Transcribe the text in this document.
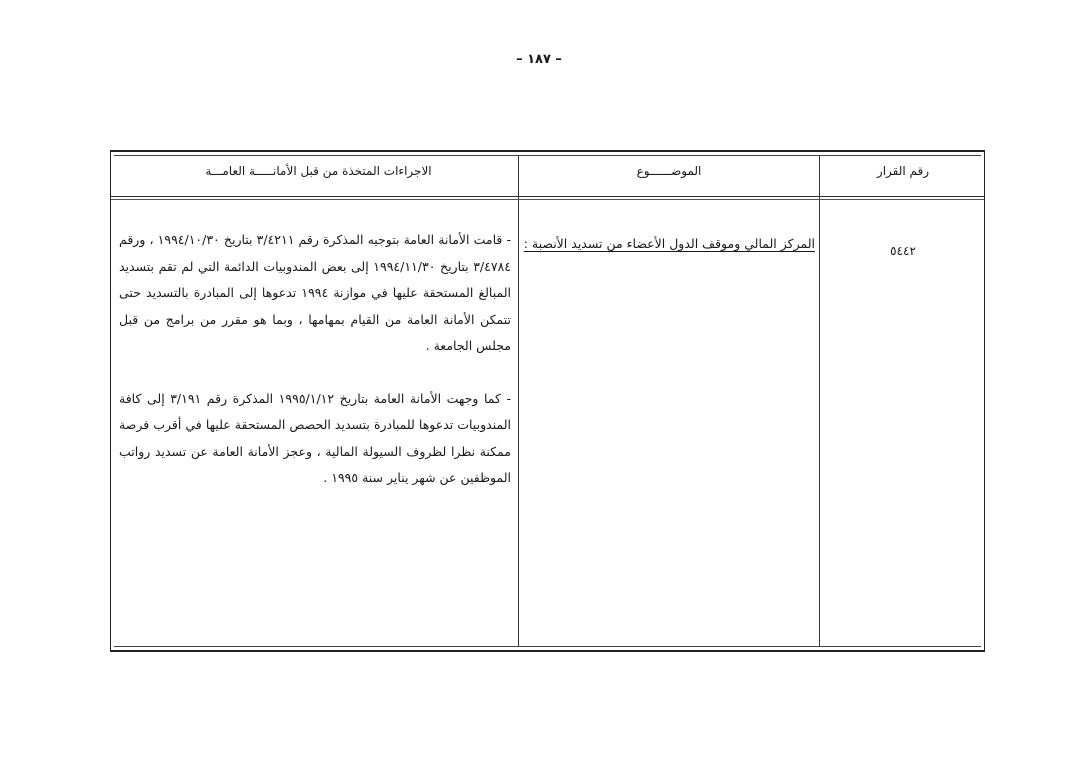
– ١٨٧ –
الاجراءات المتخذة من قبل الأمانـــــة العامـــة	الموضــــــوع	رقم القرار
٥٤٤٢
المركز المالي وموقف الدول الأعضاء من تسديد الأنصبة :

- قامت الأمانة العامة بتوجيه المذكرة رقم ٣/٤٢١١ بتاريخ ١٩٩٤/١٠/٣٠ ، ورقم ٣/٤٧٨٤ بتاريخ ١٩٩٤/١١/٣٠ إلى بعض المندوبيات الدائمة التي لم تقم بتسديد المبالغ المستحقة عليها في موازنة ١٩٩٤ تدعوها إلى المبادرة بالتسديد حتى تتمكن الأمانة العامة من القيام بمهامها ، وبما هو مقرر من برامج من قبل مجلس الجامعة .

- كما وجهت الأمانة العامة بتاريخ ١٩٩٥/١/١٢ المذكرة رقم ٣/١٩١ إلى كافة المندوبيات تدعوها للمبادرة بتسديد الحصص المستحقة عليها في أقرب فرصة ممكنة نظرا لظروف السيولة المالية ، وعجز الأمانة العامة عن تسديد رواتب الموظفين عن شهر يناير سنة ١٩٩٥ .
